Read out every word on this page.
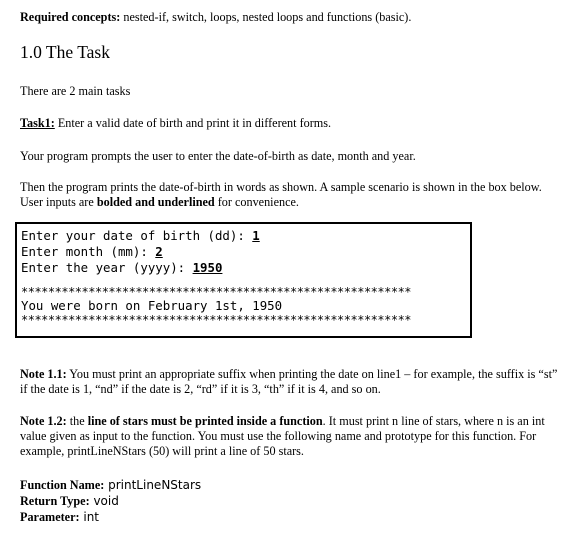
Required concepts: nested-if, switch, loops, nested loops and functions (basic).
1.0 The Task
There are 2 main tasks
Task1: Enter a valid date of birth and print it in different forms.
Your program prompts the user to enter the date-of-birth as date, month and year.
Then the program prints the date-of-birth in words as shown. A sample scenario is shown in the box below. User inputs are bolded and underlined for convenience.
Enter your date of birth (dd): 1
Enter month (mm): 2
Enter the year (yyyy): 1950
**********************************************************
You were born on February 1st, 1950
**********************************************************
Note 1.1: You must print an appropriate suffix when printing the date on line1 – for example, the suffix is “st” if the date is 1, “nd” if the date is 2, “rd” if it is 3, “th” if it is 4, and so on.
Note 1.2: the line of stars must be printed inside a function. It must print n line of stars, where n is an int value given as input to the function. You must use the following name and prototype for this function. For example, printLineNStars (50) will print a line of 50 stars.
Function Name: printLineNStars
Return Type: void
Parameter: int
